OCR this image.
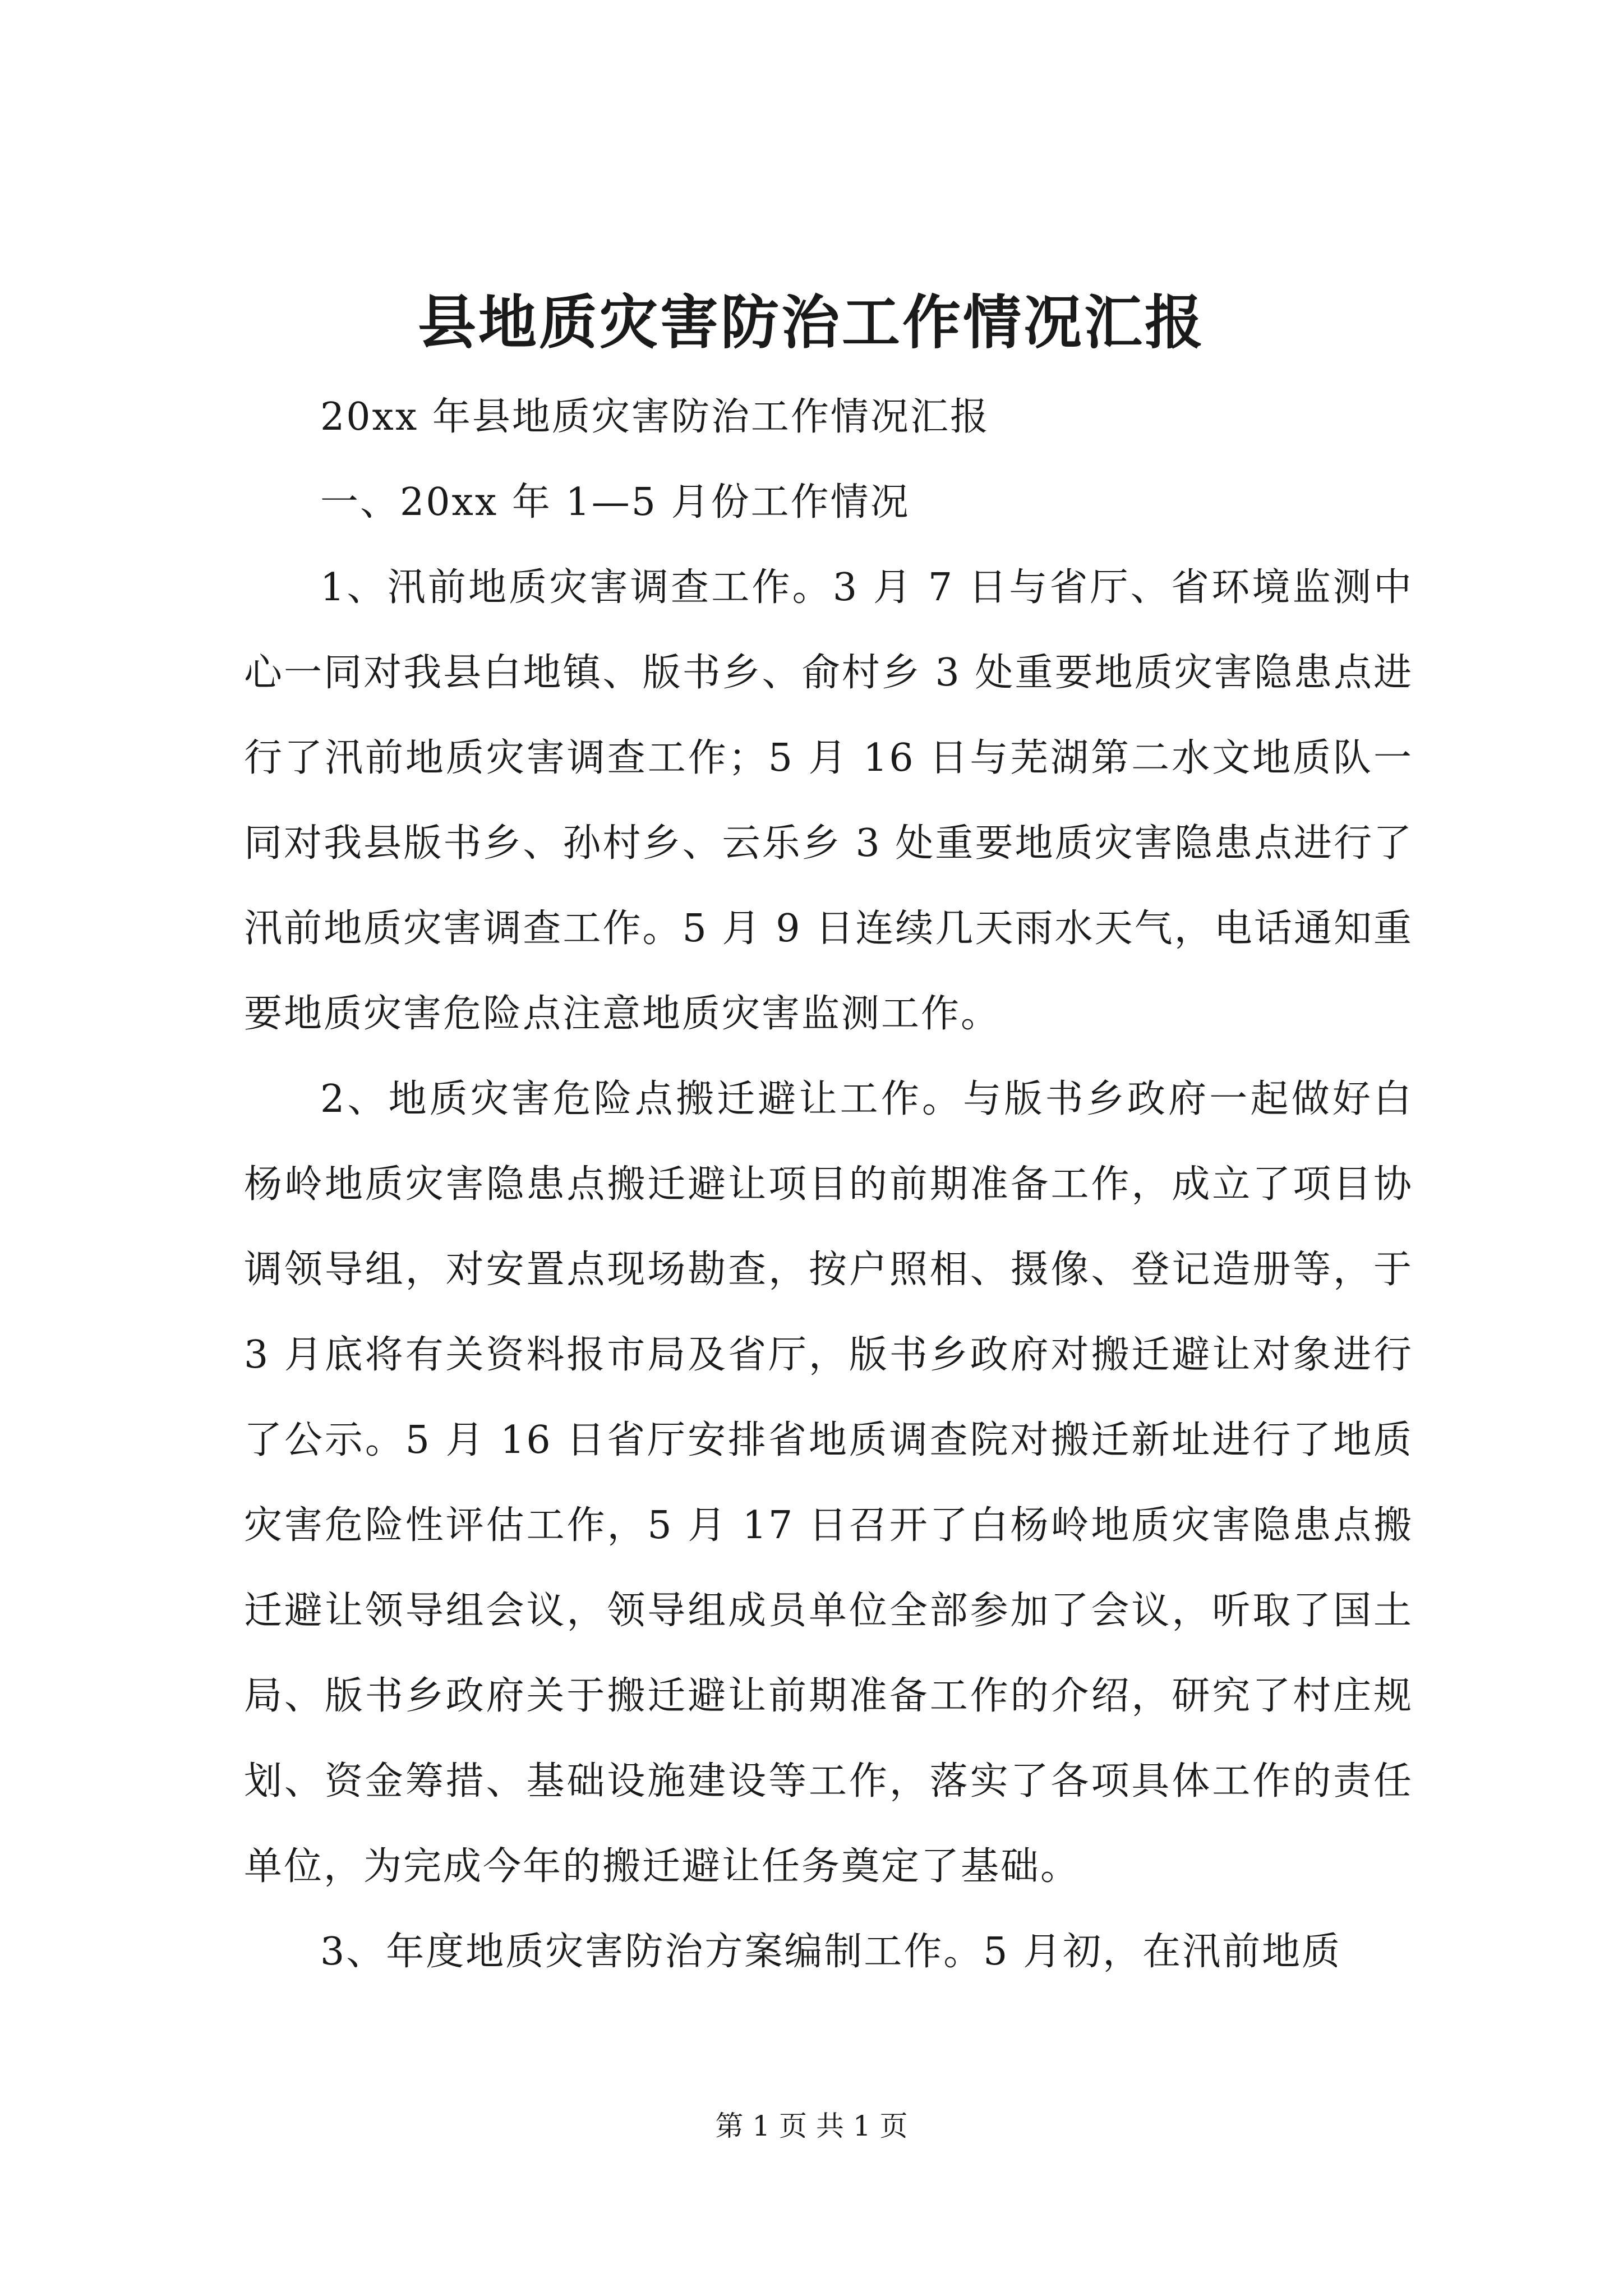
县地质灾害防治工作情况汇报

20xx 年县地质灾害防治工作情况汇报

一、20xx 年 1—5 月份工作情况

1、汛前地质灾害调查工作。3 月 7 日与省厅、省环境监测中心一同对我县白地镇、版书乡、俞村乡 3 处重要地质灾害隐患点进行了汛前地质灾害调查工作；5 月 16 日与芜湖第二水文地质队一同对我县版书乡、孙村乡、云乐乡 3 处重要地质灾害隐患点进行了汛前地质灾害调查工作。5 月 9 日连续几天雨水天气，电话通知重要地质灾害危险点注意地质灾害监测工作。

2、地质灾害危险点搬迁避让工作。与版书乡政府一起做好白杨岭地质灾害隐患点搬迁避让项目的前期准备工作，成立了项目协调领导组，对安置点现场勘查，按户照相、摄像、登记造册等，于 3 月底将有关资料报市局及省厅，版书乡政府对搬迁避让对象进行了公示。5 月 16 日省厅安排省地质调查院对搬迁新址进行了地质灾害危险性评估工作，5 月 17 日召开了白杨岭地质灾害隐患点搬迁避让领导组会议，领导组成员单位全部参加了会议，听取了国土局、版书乡政府关于搬迁避让前期准备工作的介绍，研究了村庄规划、资金筹措、基础设施建设等工作，落实了各项具体工作的责任单位，为完成今年的搬迁避让任务奠定了基础。

3、年度地质灾害防治方案编制工作。5 月初，在汛前地质

第 1 页 共 1 页
